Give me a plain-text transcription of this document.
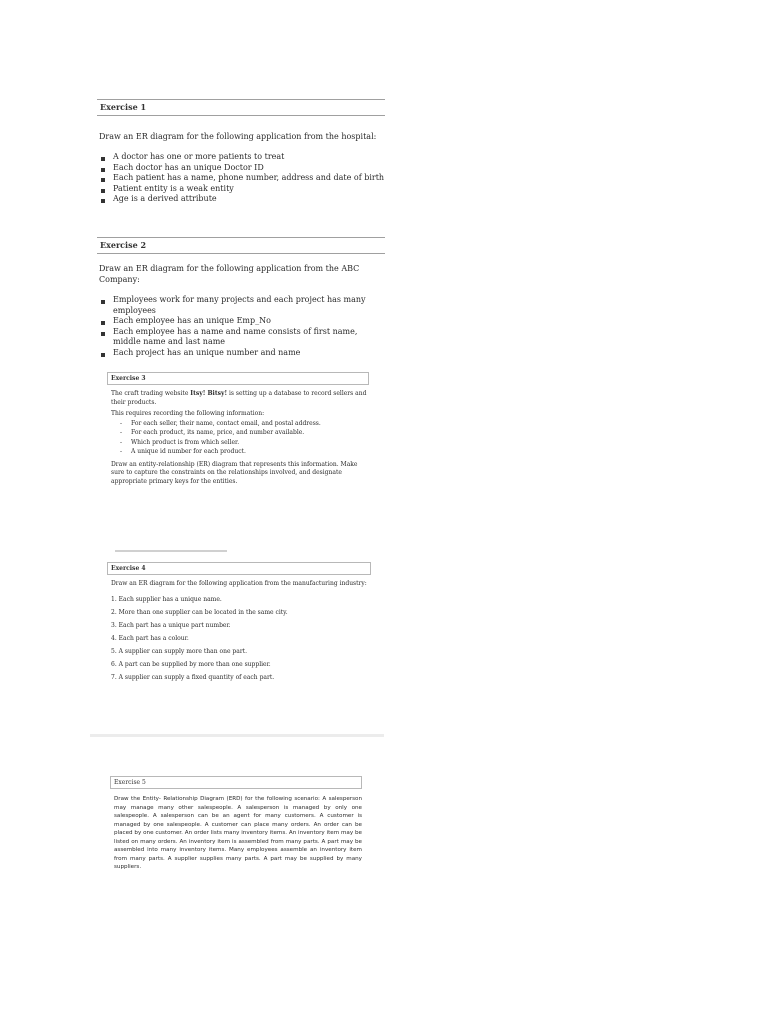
Exercise 1

Draw an ER diagram for the following application from the hospital:

A doctor has one or more patients to treat
Each doctor has an unique Doctor ID
Each patient has a name, phone number, address and date of birth
Patient entity is a weak entity
Age is a derived attribute
Exercise 2

Draw an ER diagram for the following application from the ABC Company:

Employees work for many projects and each project has many employees
Each employee has an unique Emp_No
Each employee has a name and name consists of first name, middle name and last name
Each project has an unique number and name
Exercise 3

The craft trading website Itsy! Bitsy! is setting up a database to record sellers and their products.

This requires recording the following information:

- For each seller, their name, contact email, and postal address.
- For each product, its name, price, and number available.
- Which product is from which seller.
- A unique id number for each product.

Draw an entity-relationship (ER) diagram that represents this information. Make sure to capture the constraints on the relationships involved, and designate appropriate primary keys for the entities.

Exercise 4

Draw an ER diagram for the following application from the manufacturing industry:

1. Each supplier has a unique name.

2. More than one supplier can be located in the same city.

3. Each part has a unique part number.

4. Each part has a colour.

5. A supplier can supply more than one part.

6. A part can be supplied by more than one supplier.

7. A supplier can supply a fixed quantity of each part.

Exercise 5

Draw the Entity- Relationship Diagram (ERD) for the following scenario: A salesperson may manage many other salespeople. A salesperson is managed by only one salespeople. A salesperson can be an agent for many customers. A customer is managed by one salespeople. A customer can place many orders. An order can be placed by one customer. An order lists many inventory items. An inventory item may be listed on many orders. An inventory item is assembled from many parts. A part may be assembled into many inventory items. Many employees assemble an inventory item from many parts. A supplier supplies many parts. A part may be supplied by many suppliers.
